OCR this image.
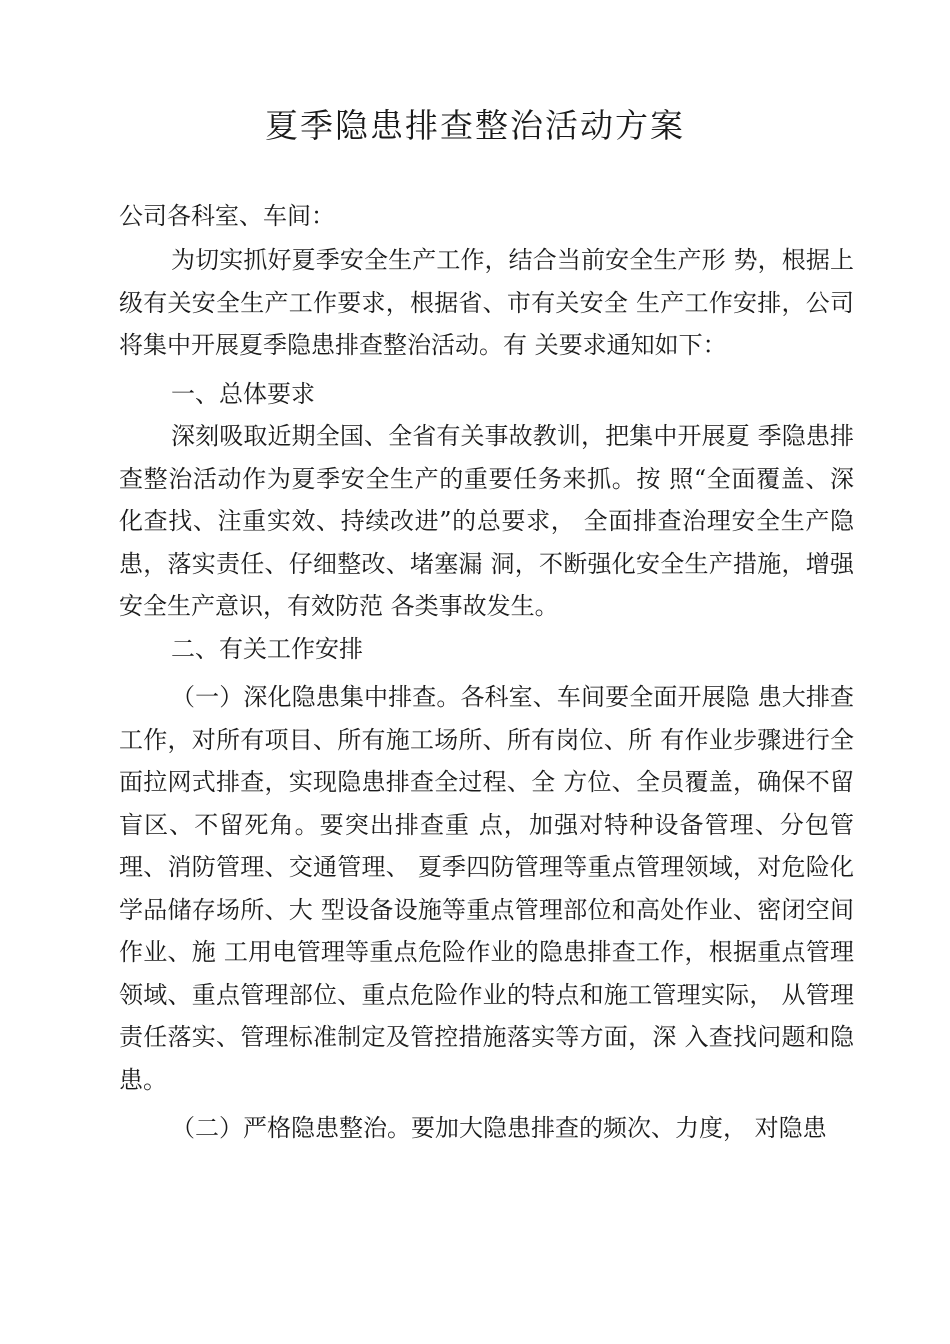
夏季隐患排查整治活动方案
公司各科室、车间：

为切实抓好夏季安全生产工作，结合当前安全生产形 势，根据上级有关安全生产工作要求，根据省、市有关安全 生产工作安排，公司将集中开展夏季隐患排查整治活动。有 关要求通知如下：

一、总体要求

深刻吸取近期全国、全省有关事故教训，把集中开展夏 季隐患排查整治活动作为夏季安全生产的重要任务来抓。按 照“全面覆盖、深化查找、注重实效、持续改进”的总要求， 全面排查治理安全生产隐患，落实责任、仔细整改、堵塞漏 洞，不断强化安全生产措施，增强安全生产意识，有效防范 各类事故发生。

二、有关工作安排

（一）深化隐患集中排查。各科室、车间要全面开展隐 患大排查工作，对所有项目、所有施工场所、所有岗位、所 有作业步骤进行全面拉网式排查，实现隐患排查全过程、全 方位、全员覆盖，确保不留盲区、不留死角。要突出排查重 点，加强对特种设备管理、分包管理、消防管理、交通管理、 夏季四防管理等重点管理领域，对危险化学品储存场所、大 型设备设施等重点管理部位和高处作业、密闭空间作业、施 工用电管理等重点危险作业的隐患排查工作，根据重点管理 领域、重点管理部位、重点危险作业的特点和施工管理实际， 从管理责任落实、管理标准制定及管控措施落实等方面，深 入查找问题和隐患。

（二）严格隐患整治。要加大隐患排查的频次、力度， 对隐患
